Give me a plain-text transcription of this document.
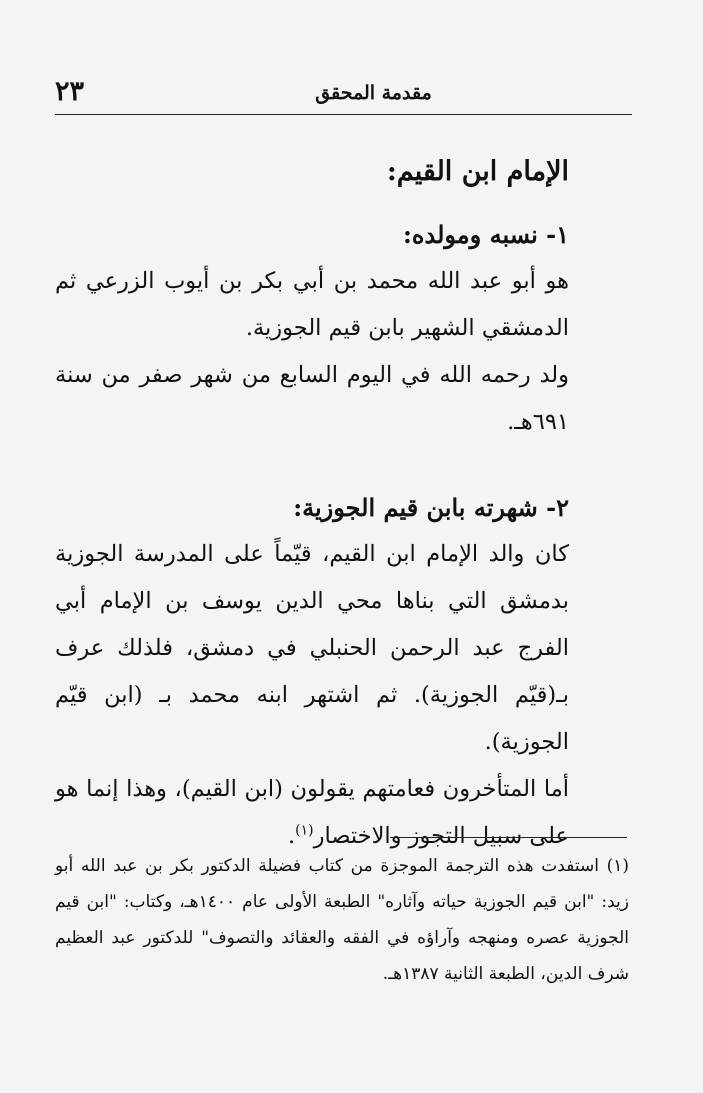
مقدمة المحقق
٢٣
الإمام ابن القيم:
١- نسبه ومولده:

هو أبو عبد الله محمد بن أبي بكر بن أيوب الزرعي ثم الدمشقي الشهير بابن قيم الجوزية.

ولد رحمه الله في اليوم السابع من شهر صفر من سنة ٦٩١هـ.

٢- شهرته بابن قيم الجوزية:

كان والد الإمام ابن القيم، قيّماً على المدرسة الجوزية بدمشق التي بناها محي الدين يوسف بن الإمام أبي الفرج عبد الرحمن الحنبلي في دمشق، فلذلك عرف بـ(قيّم الجوزية). ثم اشتهر ابنه محمد بـ (ابن قيّم الجوزية).

أما المتأخرون فعامتهم يقولون (ابن القيم)، وهذا إنما هو على سبيل التجوز والاختصار$^{(١)}$.

(١) استفدت هذه الترجمة الموجزة من كتاب فضيلة الدكتور بكر بن عبد الله أبو زيد: "ابن قيم الجوزية حياته وآثاره" الطبعة الأولى عام ١٤٠٠هـ، وكتاب: "ابن قيم الجوزية عصره ومنهجه وآراؤه في الفقه والعقائد والتصوف" للدكتور عبد العظيم شرف الدين، الطبعة الثانية ١٣٨٧هـ.
